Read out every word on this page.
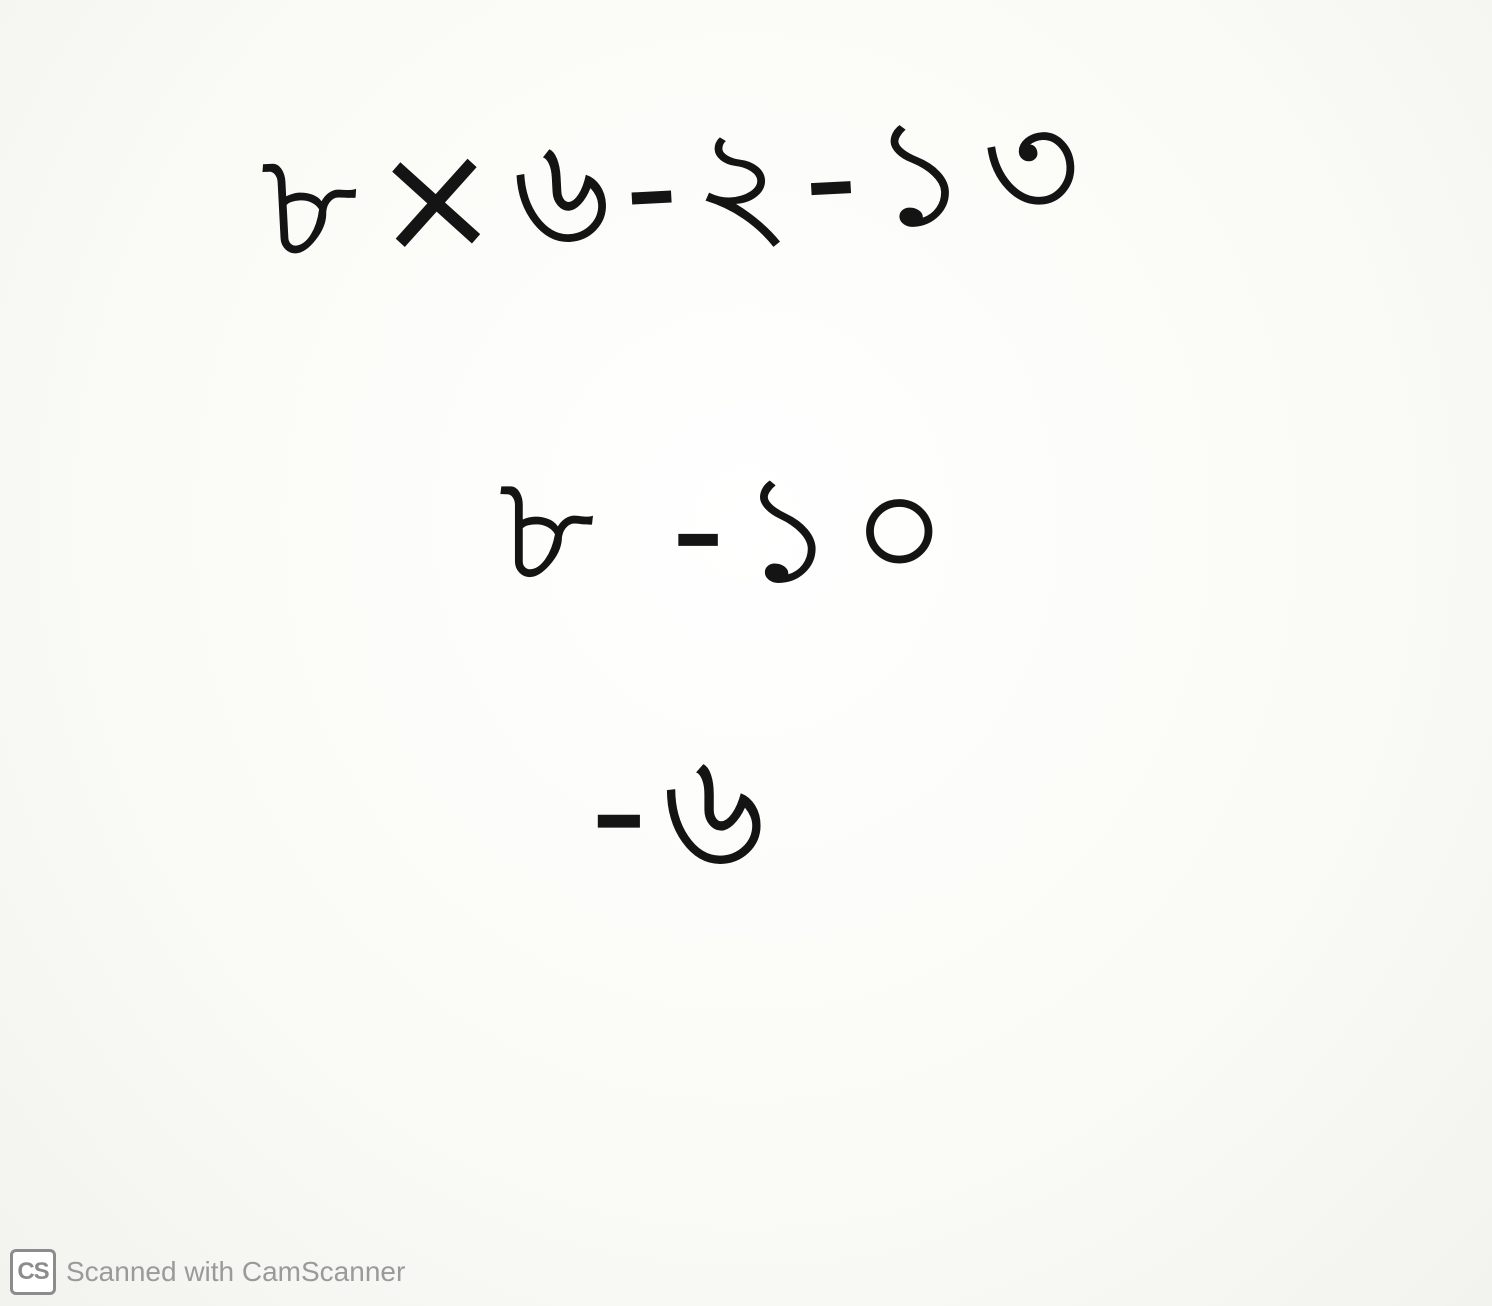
৮×৬-২-১৩
৮ -১০
-৬
CS Scanned with CamScanner
